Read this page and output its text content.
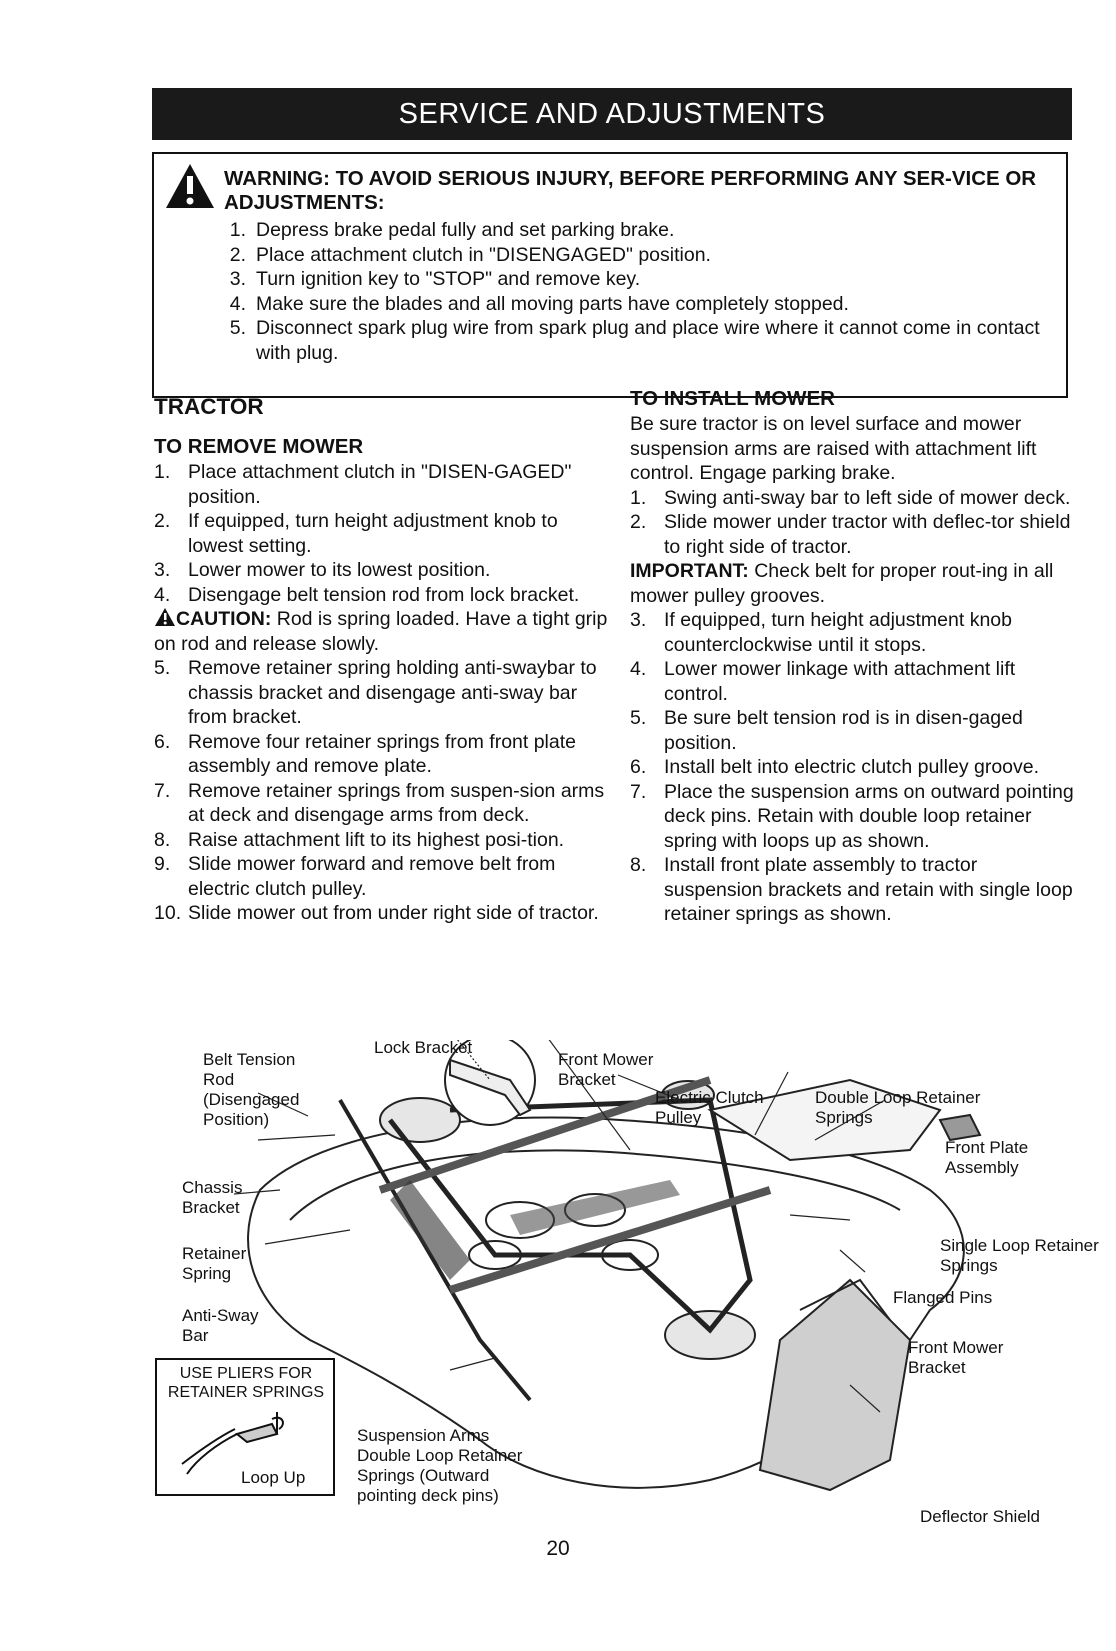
SERVICE AND ADJUSTMENTS
WARNING: TO AVOID SERIOUS INJURY, BEFORE PERFORMING ANY SER-VICE OR ADJUSTMENTS:
1. Depress brake pedal fully and set parking brake.
2. Place attachment clutch in "DISENGAGED" position.
3. Turn ignition key to "STOP" and remove key.
4. Make sure the blades and all moving parts have completely stopped.
5. Disconnect spark plug wire from spark plug and place wire where it cannot come in contact with plug.
TRACTOR
TO REMOVE MOWER
1. Place attachment clutch in "DISEN-GAGED" position.
2. If equipped, turn height adjustment knob to lowest setting.
3. Lower mower to its lowest position.
4. Disengage belt tension rod from lock bracket.

CAUTION: Rod is spring loaded. Have a tight grip on rod and release slowly.

5. Remove retainer spring holding anti-swaybar to chassis bracket and disengage anti-sway bar from bracket.
6. Remove four retainer springs from front plate assembly and remove plate.
7. Remove retainer springs from suspen-sion arms at deck and disengage arms from deck.
8. Raise attachment lift to its highest posi-tion.
9. Slide mower forward and remove belt from electric clutch pulley.
10. Slide mower out from under right side of tractor.
TO INSTALL MOWER

Be sure tractor is on level surface and mower suspension arms are raised with attachment lift control. Engage parking brake.

1. Swing anti-sway bar to left side of mower deck.
2. Slide mower under tractor with deflec-tor shield to right side of tractor.

IMPORTANT: Check belt for proper rout-ing in all mower pulley grooves.

3. If equipped, turn height adjustment knob counterclockwise until it stops.
4. Lower mower linkage with attachment lift control.
5. Be sure belt tension rod is in disen-gaged position.
6. Install belt into electric clutch pulley groove.
7. Place the suspension arms on outward pointing deck pins. Retain with double loop retainer spring with loops up as shown.
8. Install front plate assembly to tractor suspension brackets and retain with single loop retainer springs as shown.
Belt Tension Rod (Disengaged Position)
Lock Bracket
Front Mower Bracket
Electric Clutch Pulley
Double Loop Retainer Springs
Front Plate Assembly
Chassis Bracket
Retainer Spring
Anti-Sway Bar
Single Loop Retainer Springs
Flanged Pins
Front Mower Bracket
Suspension Arms Double Loop Retainer Springs (Outward pointing deck pins)
Deflector Shield
USE PLIERS FOR RETAINER SPRINGS
Loop Up
20
